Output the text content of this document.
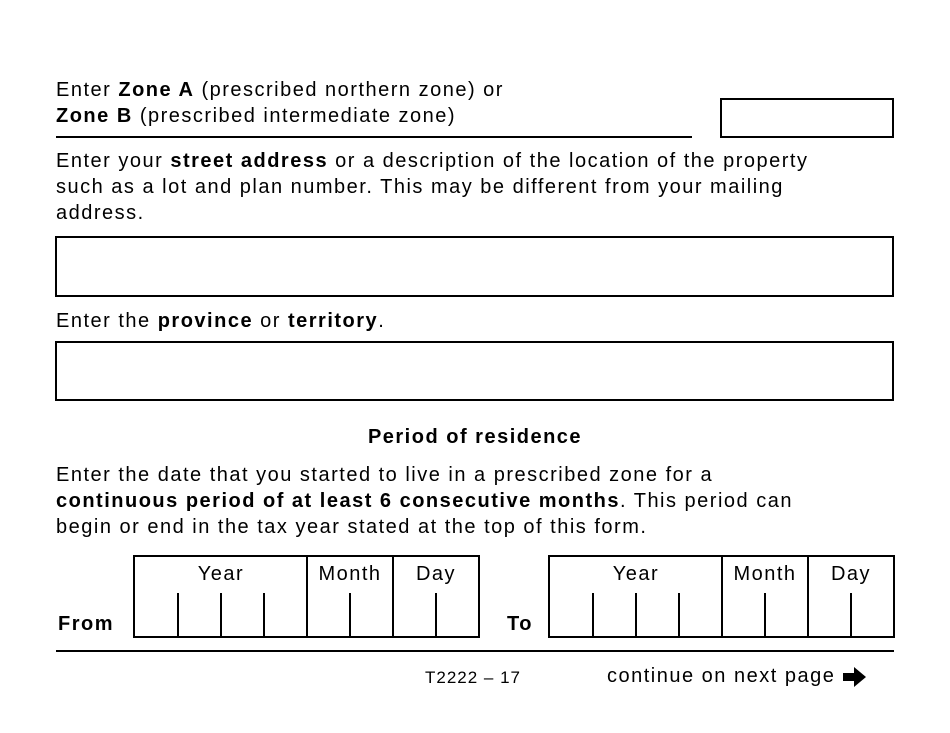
Enter Zone A (prescribed northern zone) or
Zone B (prescribed intermediate zone)
Enter your street address or a description of the location of the property
such as a lot and plan number. This may be different from your mailing
address.
Enter the province or territory.
Period of residence
Enter the date that you started to live in a prescribed zone for a
continuous period of at least 6 consecutive months. This period can
begin or end in the tax year stated at the top of this form.
From
Year	Month	Day
To
Year	Month	Day
T2222 – 17	continue on next page
